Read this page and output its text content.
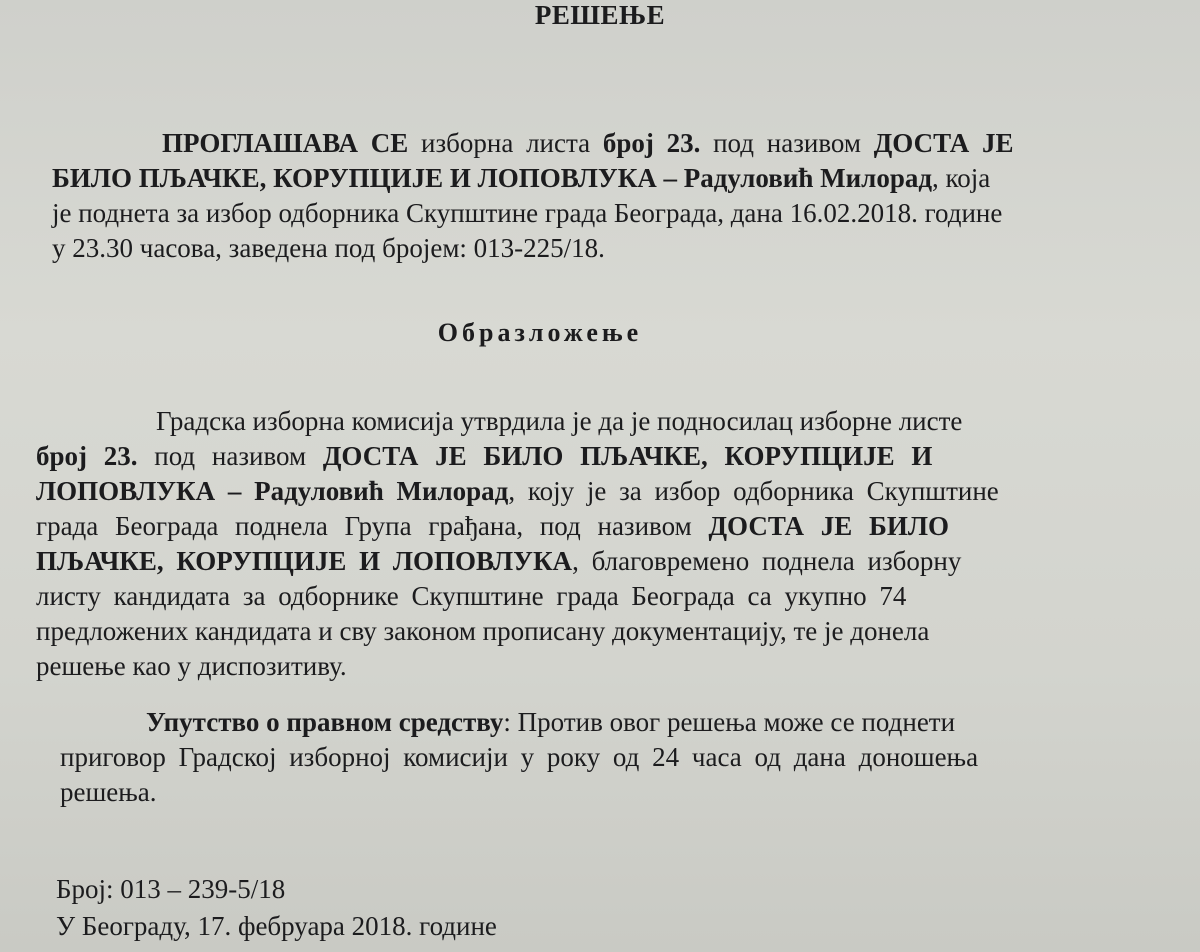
РЕШЕЊЕ
ПРОГЛАШАВА СЕ изборна листа број 23. под називом ДОСТА ЈЕ
БИЛО ПЉАЧКЕ, КОРУПЦИЈЕ И ЛОПОВЛУКА – Радуловић Милорад, која
је поднета за избор одборника Скупштине града Београда, дана 16.02.2018. године
у 23.30 часова, заведена под бројем: 013-225/18.
Образложење
Градска изборна комисија утврдила је да је подносилац изборне листе
број 23. под називом ДОСТА ЈЕ БИЛО ПЉАЧКЕ, КОРУПЦИЈЕ И
ЛОПОВЛУКА – Радуловић Милорад, коју је за избор одборника Скупштине
града Београда поднела Група грађана, под називом ДОСТА ЈЕ БИЛО
ПЉАЧКЕ, КОРУПЦИЈЕ И ЛОПОВЛУКА, благовремено поднела изборну
листу кандидата за одборнике Скупштине града Београда са укупно 74
предложених кандидата и сву законом прописану документацију, те је донела
решење као у диспозитиву.
Упутство о правном средству: Против овог решења може се поднети
приговор Градској изборној комисији у року од 24 часа од дана доношења
решења.
Број: 013 – 239-5/18
У Београду, 17. фебруара 2018. године
